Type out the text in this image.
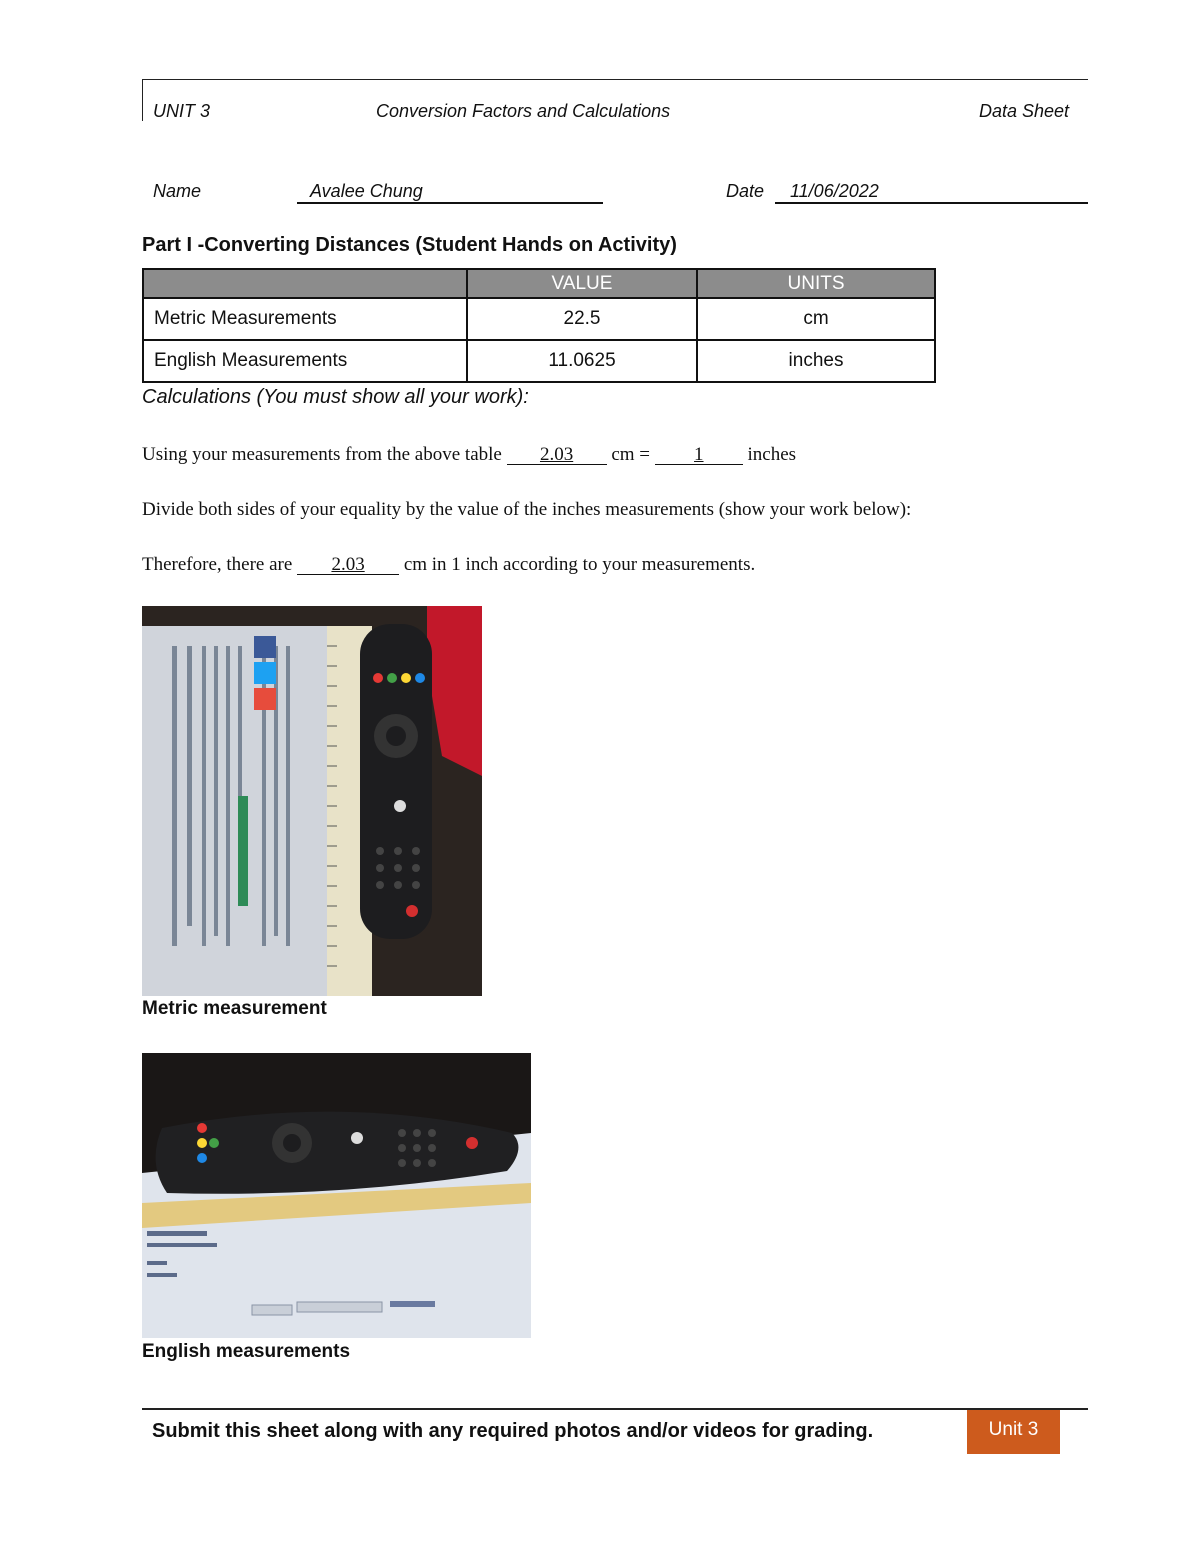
UNIT 3	Conversion Factors and Calculations	Data Sheet
Name	Avalee Chung	Date 11/06/2022
Part I -Converting Distances (Student Hands on Activity)
	VALUE	UNITS
Metric Measurements	22.5	cm
English Measurements	11.0625	inches
Calculations (You must show all your work):
Using your measurements from the above table 2.03 cm = 1 inches
Divide both sides of your equality by the value of the inches measurements (show your work below):
Therefore, there are 2.03 cm in 1 inch according to your measurements.
Metric measurement
English measurements
Submit this sheet along with any required photos and/or videos for grading.	Unit 3
